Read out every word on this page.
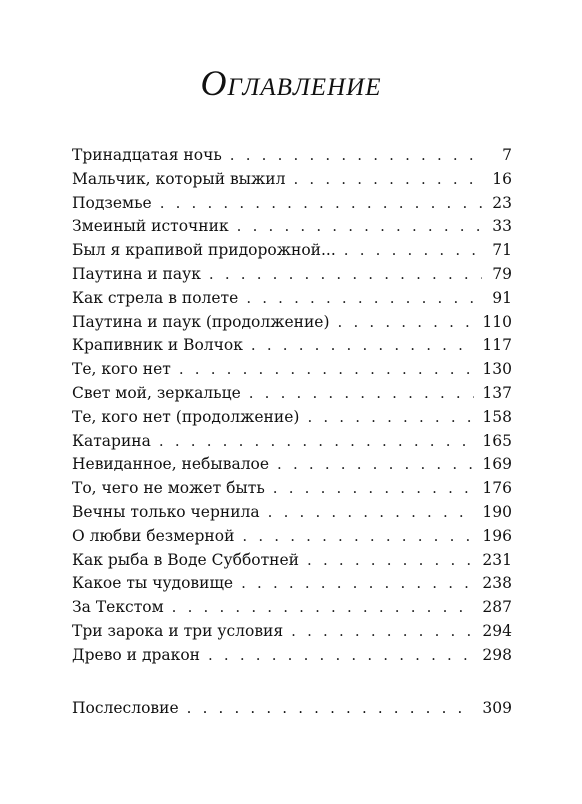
Оглавление
Тринадцатая ночь . . .	7
Мальчик, который выжил . . .	16
Подземье . . .	23
Змеиный источник . . .	33
Был я крапивой придорожной... . . .	71
Паутина и паук . . .	79
Как стрела в полете . . .	91
Паутина и паук (продолжение) . . .	110
Крапивник и Волчок . . .	117
Те, кого нет . . .	130
Свет мой, зеркальце . . .	137
Те, кого нет (продолжение) . . .	158
Катарина . . .	165
Невиданное, небывалое . . .	169
То, чего не может быть . . .	176
Вечны только чернила . . .	190
О любви безмерной . . .	196
Как рыба в Воде Субботней . . .	231
Какое ты чудовище . . .	238
За Текстом . . .	287
Три зарока и три условия . . .	294
Древо и дракон . . .	298
Послесловие . . .	309
